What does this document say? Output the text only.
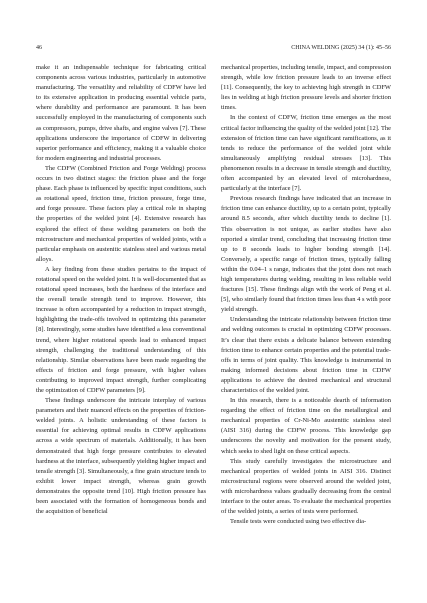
46	CHINA WELDING (2025) 34 (1): 45–56

make it an indispensable technique for fabricating critical components across various industries, particularly in automotive manufacturing. The versatility and reliability of CDFW have led to its extensive application in producing essential vehicle parts, where durability and performance are paramount. It has been successfully employed in the manufacturing of components such as compressors, pumps, drive shafts, and engine valves [7]. These applications underscore the importance of CDFW in delivering superior performance and efficiency, making it a valuable choice for modern engineering and industrial processes.

The CDFW (Combined Friction and Forge Welding) process occurs in two distinct stages: the friction phase and the forge phase. Each phase is influenced by specific input conditions, such as rotational speed, friction time, friction pressure, forge time, and forge pressure. These factors play a critical role in shaping the properties of the welded joint [4]. Extensive research has explored the effect of these welding parameters on both the microstructure and mechanical properties of welded joints, with a particular emphasis on austenitic stainless steel and various metal alloys.

A key finding from these studies pertains to the impact of rotational speed on the welded joint. It is well-documented that as rotational speed increases, both the hardness of the interface and the overall tensile strength tend to improve. However, this increase is often accompanied by a reduction in impact strength, highlighting the trade-offs involved in optimizing this parameter [8]. Interestingly, some studies have identified a less conventional trend, where higher rotational speeds lead to enhanced impact strength, challenging the traditional understanding of this relationship. Similar observations have been made regarding the effects of friction and forge pressure, with higher values contributing to improved impact strength, further complicating the optimization of CDFW parameters [9].

These findings underscore the intricate interplay of various parameters and their nuanced effects on the properties of friction-welded joints. A holistic understanding of these factors is essential for achieving optimal results in CDFW applications across a wide spectrum of materials. Additionally, it has been demonstrated that high forge pressure contributes to elevated hardness at the interface, subsequently yielding higher impact and tensile strength [3]. Simultaneously, a fine grain structure tends to exhibit lower impact strength, whereas grain growth demonstrates the opposite trend [10]. High friction pressure has been associated with the formation of homogeneous bonds and the acquisition of beneficial

mechanical properties, including tensile, impact, and compression strength, while low friction pressure leads to an inverse effect [11]. Consequently, the key to achieving high strength in CDFW lies in welding at high friction pressure levels and shorter friction times.

In the context of CDFW, friction time emerges as the most critical factor influencing the quality of the welded joint [12]. The extension of friction time can have significant ramifications, as it tends to reduce the performance of the welded joint while simultaneously amplifying residual stresses [13]. This phenomenon results in a decrease in tensile strength and ductility, often accompanied by an elevated level of microhardness, particularly at the interface [7].

Previous research findings have indicated that an increase in friction time can enhance ductility, up to a certain point, typically around 8.5 seconds, after which ductility tends to decline [1]. This observation is not unique, as earlier studies have also reported a similar trend, concluding that increasing friction time up to 8 seconds leads to higher bonding strength [14]. Conversely, a specific range of friction times, typically falling within the 0.04–1 s range, indicates that the joint does not reach high temperatures during welding, resulting in less reliable weld fractures [15]. These findings align with the work of Peng et al. [5], who similarly found that friction times less than 4 s with poor yield strength.

Understanding the intricate relationship between friction time and welding outcomes is crucial in optimizing CDFW processes. It’s clear that there exists a delicate balance between extending friction time to enhance certain properties and the potential trade-offs in terms of joint quality. This knowledge is instrumental in making informed decisions about friction time in CDFW applications to achieve the desired mechanical and structural characteristics of the welded joint.

In this research, there is a noticeable dearth of information regarding the effect of friction time on the metallurgical and mechanical properties of Cr-Ni-Mo austenitic stainless steel (AISI 316) during the CDFW process. This knowledge gap underscores the novelty and motivation for the present study, which seeks to shed light on these critical aspects.

This study carefully investigates the microstructure and mechanical properties of welded joints in AISI 316. Distinct microstructural regions were observed around the welded joint, with microhardness values gradually decreasing from the central interface to the outer areas. To evaluate the mechanical properties of the welded joints, a series of tests were performed.

Tensile tests were conducted using two effective dia-
